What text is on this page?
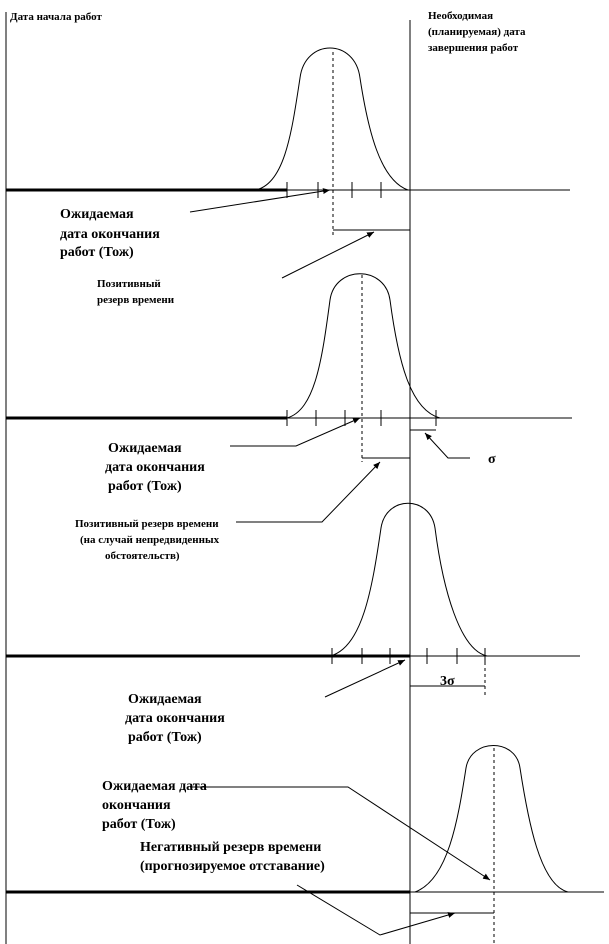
Дата начала работ	Необходимая
(планируемая) дата
завершения работ
Ожидаемая
дата окончания
работ (Тож)
Позитивный
резерв времени
Ожидаемая
дата окончания
работ (Тож)
σ
Позитивный резерв времени
(на случай непредвиденных
обстоятельств)
3σ
Ожидаемая
дата окончания
работ (Тож)
Ожидаемая дата
окончания
работ (Тож)
Негативный резерв времени
(прогнозируемое отставание)
